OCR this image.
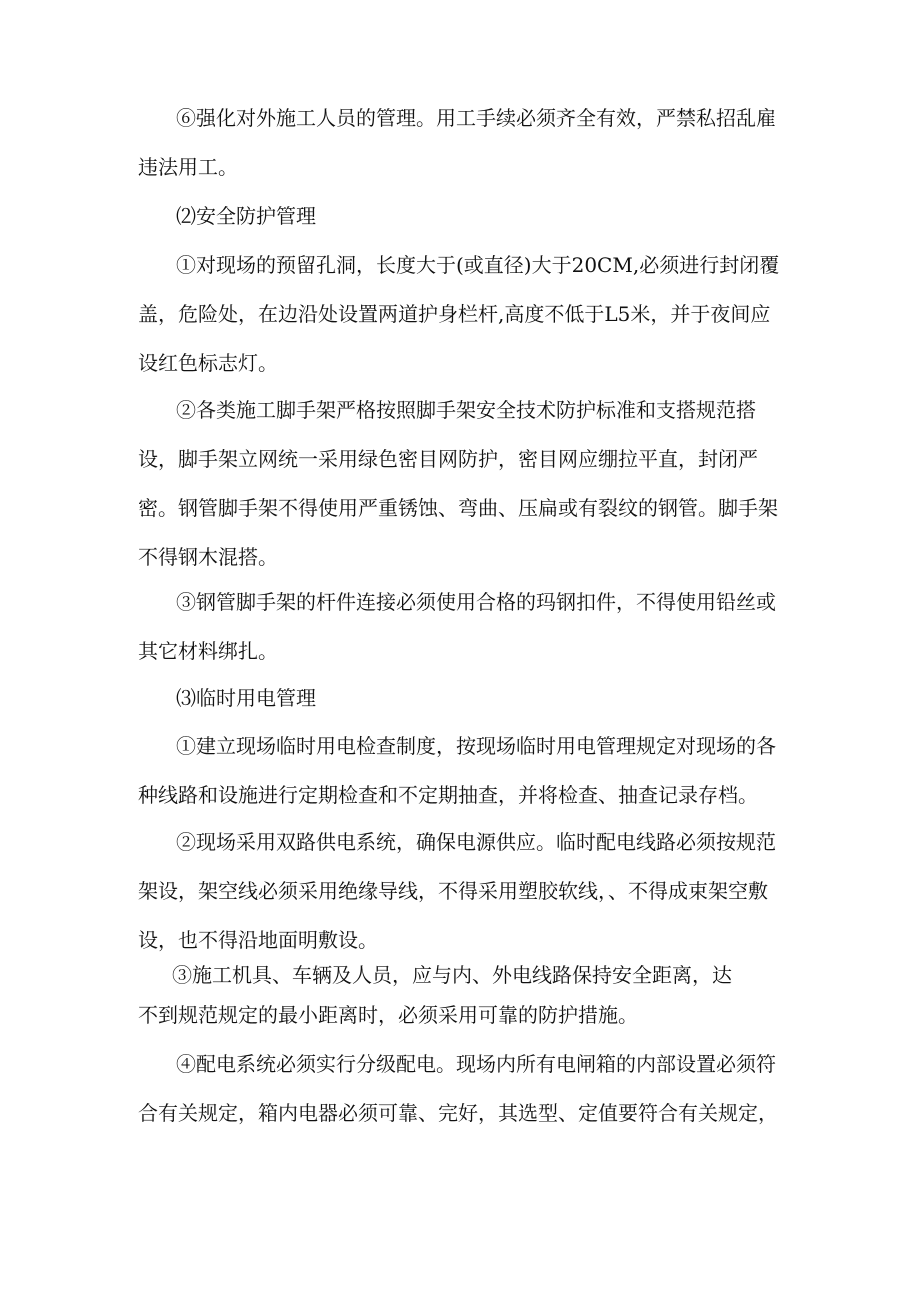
⑥强化对外施工人员的管理。用工手续必须齐全有效，严禁私招乱雇
违法用工。
⑵安全防护管理
①对现场的预留孔洞，长度大于(或直径)大于20CM,必须进行封闭覆
盖，危险处，在边沿处设置两道护身栏杆,高度不低于L5米，并于夜间应
设红色标志灯。
②各类施工脚手架严格按照脚手架安全技术防护标准和支搭规范搭
设，脚手架立网统一采用绿色密目网防护，密目网应绷拉平直，封闭严
密。钢管脚手架不得使用严重锈蚀、弯曲、压扁或有裂纹的钢管。脚手架
不得钢木混搭。
③钢管脚手架的杆件连接必须使用合格的玛钢扣件，不得使用铅丝或
其它材料绑扎。
⑶临时用电管理
①建立现场临时用电检查制度，按现场临时用电管理规定对现场的各
种线路和设施进行定期检查和不定期抽查，并将检查、抽查记录存档。
②现场采用双路供电系统，确保电源供应。临时配电线路必须按规范
架设，架空线必须采用绝缘导线，不得采用塑胶软线，、不得成束架空敷
设，也不得沿地面明敷设。
③施工机具、车辆及人员，应与内、外电线路保持安全距离，达
不到规范规定的最小距离时，必须采用可靠的防护措施。
④配电系统必须实行分级配电。现场内所有电闸箱的内部设置必须符
合有关规定，箱内电器必须可靠、完好，其选型、定值要符合有关规定，
